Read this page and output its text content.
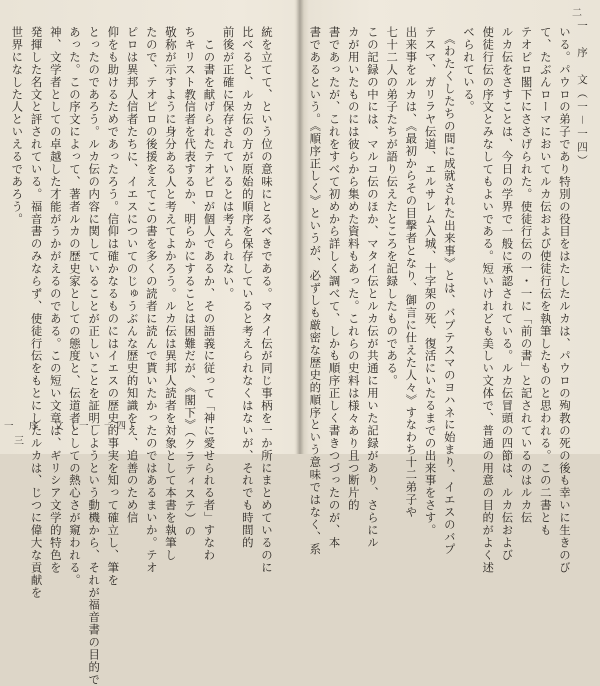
統を立てて、という位の意味にとるべきである。マタイ伝が同じ事柄を一か所にまとめているのに
比べると、ルカ伝の方が原始的順序を保存していると考えられなくはないが、それでも時間的
前後が正確に保存されているとは考えられない。
　この書を献げられたテオピロが個人であるか、その語義に従って「神に愛せられる者」すなわ
ちキリスト教信者を代表するか、明らかにすることは困難だが、《閣下》（クラティステ）の
敬称が示すように身分ある人と考えてよかろう。ルカ伝は異邦人読者を対象として本書を執筆し
たので、テオピロの後援をえてこの書を多くの読者に読んで貰いたかったのではあるまいか。テオ
ピロは異邦人信者たちに、イエスについてのじゅうぶんな歴史的知識をえ、追善のため信
仰をも助けるためであったろう。信仰は確かなるものにはイエスの歴史的事実を知って確立し、筆を
とったのであろう。ルカ伝の内容に関していることが正しいことを証明しようという動機から、それが福音書の目的で
あった。この序文によって、著者ルカの歴史家としての態度と、伝道者としての熱心さが窺われる。
神、文学者としての卓越した才能がうかがえるのである。この短い文章は、ギリシア文学的特色を
発揮した名文と評されている。福音書のみならず、使徒行伝をもとにしたルカは、じつに偉大な貢献を
世界になした人といえるであろう。
一　序　文（一－一四）
三
一　序　文（一－一四）
いる。パウロの弟子であり特別の役目をはたしたルカは、パウロの殉教の死の後も幸いに生きのび
て、たぶんローマにおいてルカ伝および使徒行伝を執筆したものと思われる。この二書とも
テオピロ閣下にささげられた。使徒行伝の一・一に「前の書」と記されているのはルカ伝
ルカ伝をさすことは、今日の学界で一般に承認されている。ルカ伝冒頭の四節は、ルカ伝および
使徒行伝の序文とみなしてもよいである。短いけれども美しい文体で、普通の用意の目的がよく述
べられている。
　《わたくしたちの間に成就された出来事》とは、バプテスマのヨハネに始まり、イエスのバプ
テスマ、ガリラヤ伝道、エルサレム入城、十字架の死、復活にいたるまでの出来事をさす。
出来事をルカは、《最初からその目撃者となり、御言に仕えた人々》すなわち十二弟子や
七十二人の弟子たちが語り伝えたところを記録したものである。
この記録の中には、マルコ伝のほか、マタイ伝とルカ伝が共通に用いた記録があり、さらにル
カが用いたものには彼らから集めた資料もあった。これらの史料は様々あり且つ断片的
書であったが、これをすべて初めから詳しく調べて、しかも順序正しく書きつづったのが、本
書であるという。《順序正しく》というが、必ずしも厳密な歴史的順序という意味ではなく、系
二
